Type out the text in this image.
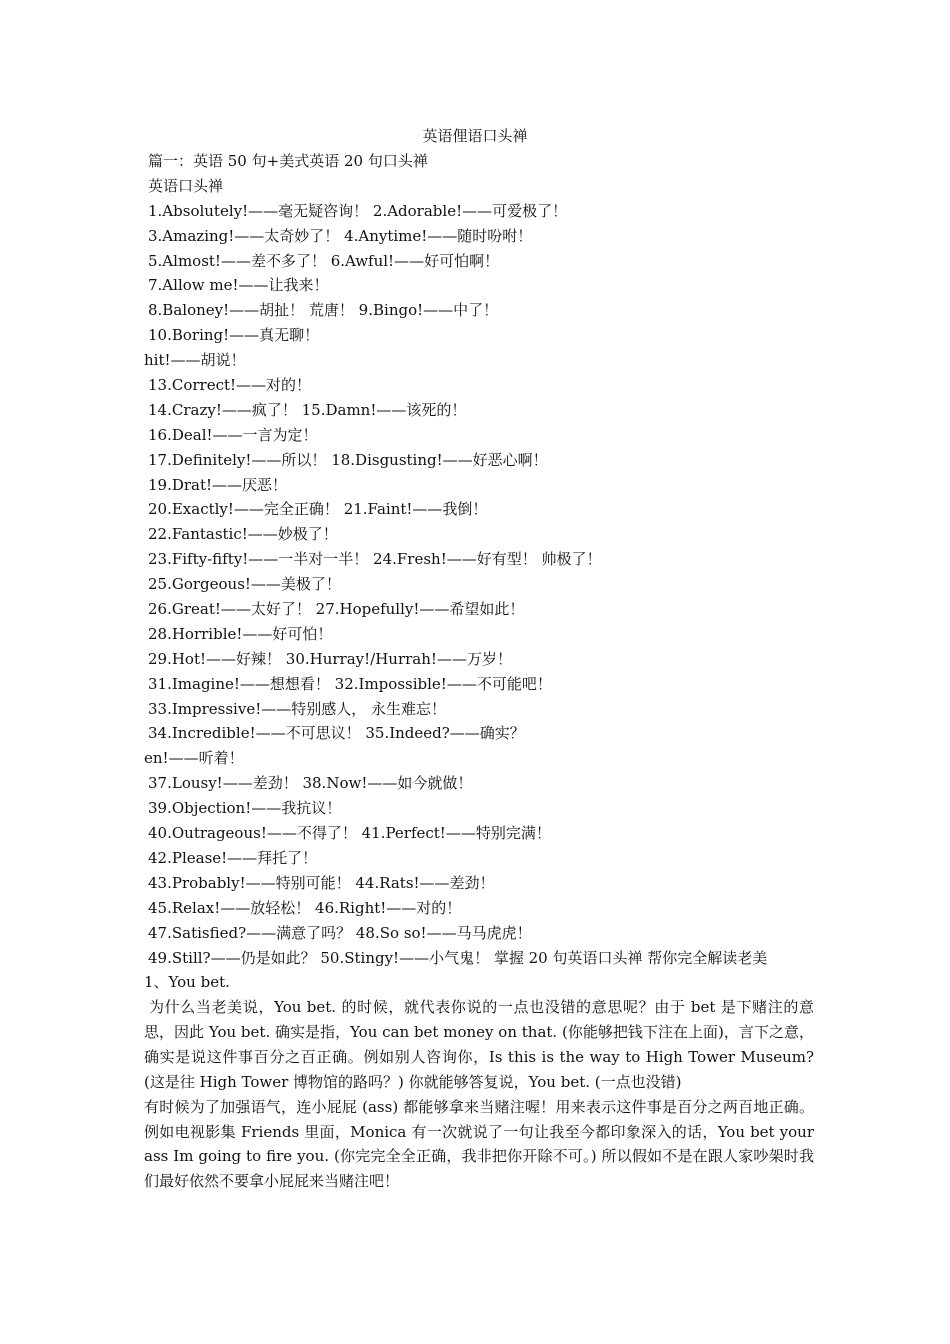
英语俚语口头禅
篇一：英语 50 句+美式英语 20 句口头禅
英语口头禅
1.Absolutely!——毫无疑咨询！ 2.Adorable!——可爱极了！
3.Amazing!——太奇妙了！ 4.Anytime!——随时吩咐！
5.Almost!——差不多了！ 6.Awful!——好可怕啊！
7.Allow me!——让我来！
8.Baloney!——胡扯！ 荒唐！ 9.Bingo!——中了！
10.Boring!——真无聊！
hit!——胡说！
13.Correct!——对的！
14.Crazy!——疯了！ 15.Damn!——该死的！
16.Deal!——一言为定！
17.Definitely!——所以！ 18.Disgusting!——好恶心啊！
19.Drat!——厌恶！
20.Exactly!——完全正确！ 21.Faint!——我倒！
22.Fantastic!——妙极了！
23.Fifty-fifty!——一半对一半！ 24.Fresh!——好有型！ 帅极了！
25.Gorgeous!——美极了！
26.Great!——太好了！ 27.Hopefully!——希望如此！
28.Horrible!——好可怕！
29.Hot!——好辣！ 30.Hurray!/Hurrah!——万岁！
31.Imagine!——想想看！ 32.Impossible!——不可能吧！
33.Impressive!——特别感人， 永生难忘！
34.Incredible!——不可思议！ 35.Indeed?——确实？
en!——听着！
37.Lousy!——差劲！ 38.Now!——如今就做！
39.Objection!——我抗议！
40.Outrageous!——不得了！ 41.Perfect!——特别完满！
42.Please!——拜托了！
43.Probably!——特别可能！ 44.Rats!——差劲！
45.Relax!——放轻松！ 46.Right!——对的！
47.Satisfied?——满意了吗？ 48.So so!——马马虎虎！
49.Still?——仍是如此？ 50.Stingy!——小气鬼！ 掌握 20 句英语口头禅 帮你完全解读老美
1、You bet.

为什么当老美说，You bet. 的时候，就代表你说的一点也没错的意思呢？由于 bet 是下赌注的意思，因此 You bet. 确实是指，You can bet money on that. (你能够把钱下注在上面)，言下之意，确实是说这件事百分之百正确。例如别人咨询你，Is this is the way to High Tower Museum? (这是往 High Tower 博物馆的路吗？) 你就能够答复说，You bet. (一点也没错)

有时候为了加强语气，连小屁屁 (ass) 都能够拿来当赌注喔！用来表示这件事是百分之两百地正确。例如电视影集 Friends 里面，Monica 有一次就说了一句让我至今都印象深入的话，You bet your ass Im going to fire you. (你完完全全正确，我非把你开除不可。) 所以假如不是在跟人家吵架时我们最好依然不要拿小屁屁来当赌注吧！
